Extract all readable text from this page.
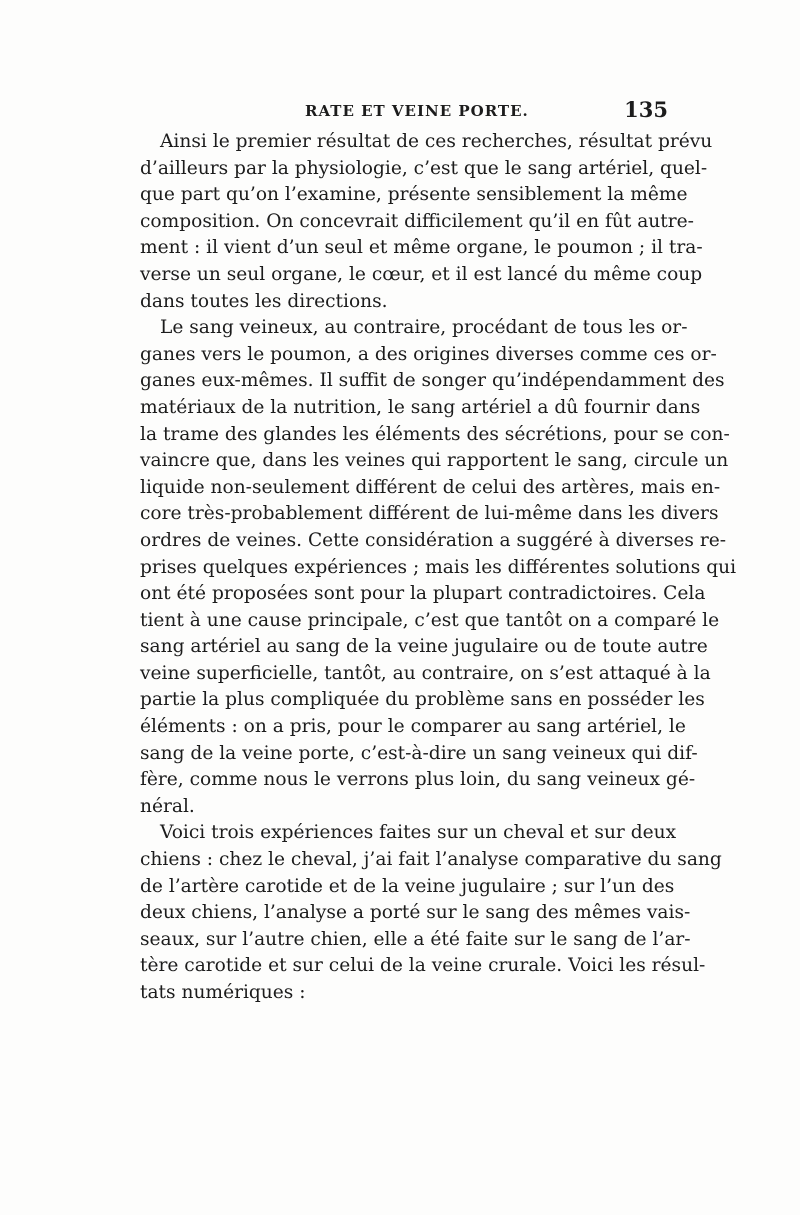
RATE ET VEINE PORTE.	135
Ainsi le premier résultat de ces recherches, résultat prévu
d’ailleurs par la physiologie, c’est que le sang artériel, quel-
que part qu’on l’examine, présente sensiblement la même
composition. On concevrait difficilement qu’il en fût autre-
ment : il vient d’un seul et même organe, le poumon ; il tra-
verse un seul organe, le cœur, et il est lancé du même coup
dans toutes les directions.
Le sang veineux, au contraire, procédant de tous les or-
ganes vers le poumon, a des origines diverses comme ces or-
ganes eux-mêmes. Il suffit de songer qu’indépendamment des
matériaux de la nutrition, le sang artériel a dû fournir dans
la trame des glandes les éléments des sécrétions, pour se con-
vaincre que, dans les veines qui rapportent le sang, circule un
liquide non-seulement différent de celui des artères, mais en-
core très-probablement différent de lui-même dans les divers
ordres de veines. Cette considération a suggéré à diverses re-
prises quelques expériences ; mais les différentes solutions qui
ont été proposées sont pour la plupart contradictoires. Cela
tient à une cause principale, c’est que tantôt on a comparé le
sang artériel au sang de la veine jugulaire ou de toute autre
veine superficielle, tantôt, au contraire, on s’est attaqué à la
partie la plus compliquée du problème sans en posséder les
éléments : on a pris, pour le comparer au sang artériel, le
sang de la veine porte, c’est-à-dire un sang veineux qui dif-
fère, comme nous le verrons plus loin, du sang veineux gé-
néral.
Voici trois expériences faites sur un cheval et sur deux
chiens : chez le cheval, j’ai fait l’analyse comparative du sang
de l’artère carotide et de la veine jugulaire ; sur l’un des
deux chiens, l’analyse a porté sur le sang des mêmes vais-
seaux, sur l’autre chien, elle a été faite sur le sang de l’ar-
tère carotide et sur celui de la veine crurale. Voici les résul-
tats numériques :
